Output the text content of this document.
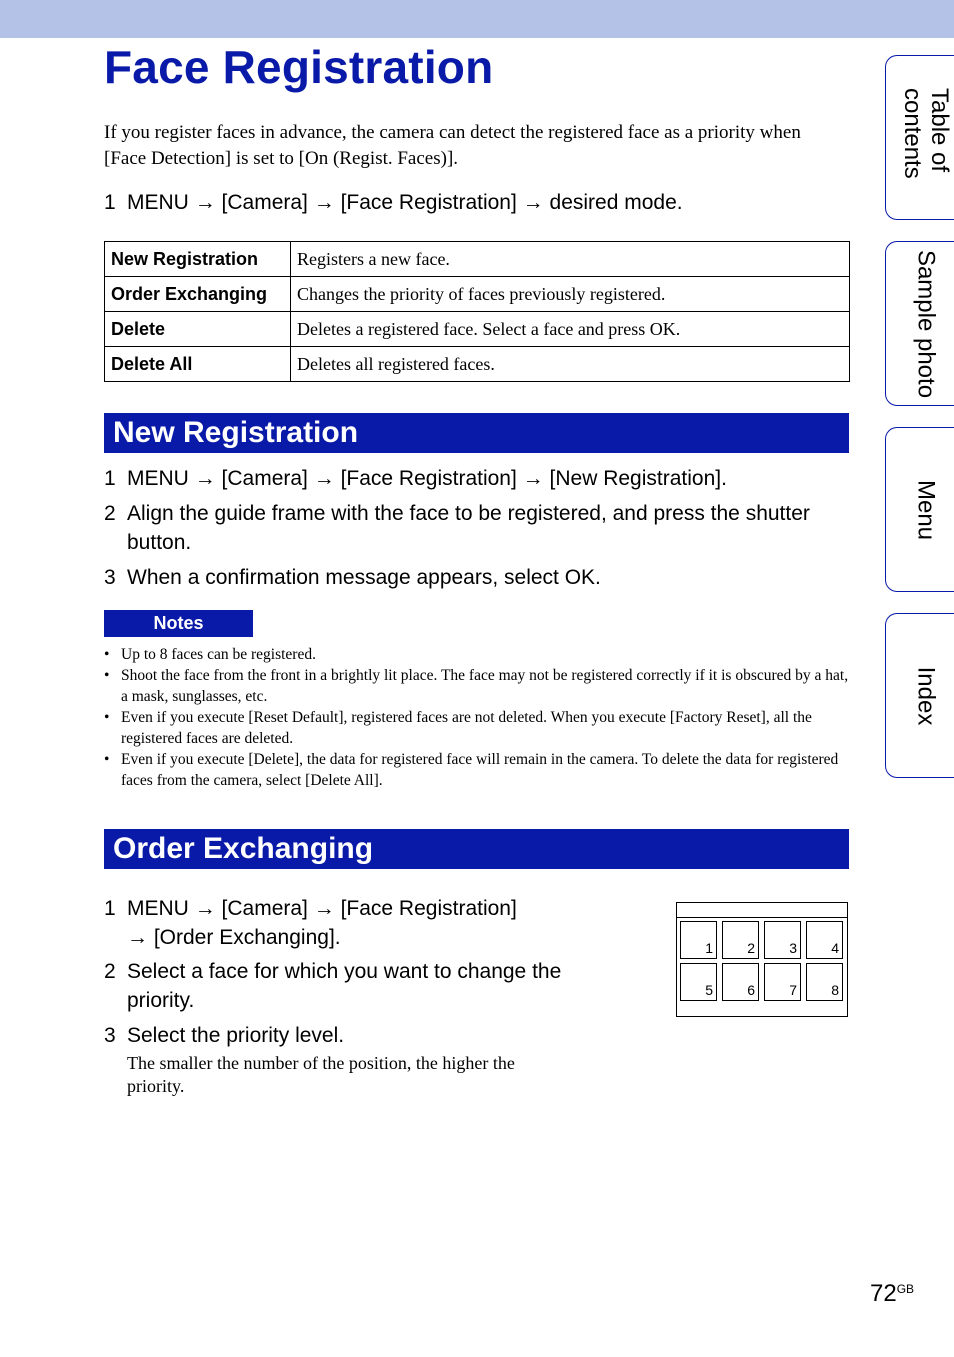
Face Registration
If you register faces in advance, the camera can detect the registered face as a priority when [Face Detection] is set to [On (Regist. Faces)].
1 MENU → [Camera] → [Face Registration] → desired mode.
New Registration	Registers a new face.
Order Exchanging	Changes the priority of faces previously registered.
Delete	Deletes a registered face. Select a face and press OK.
Delete All	Deletes all registered faces.
New Registration
1 MENU → [Camera] → [Face Registration] → [New Registration].
2 Align the guide frame with the face to be registered, and press the shutter button.
3 When a confirmation message appears, select OK.
Notes
• Up to 8 faces can be registered.
• Shoot the face from the front in a brightly lit place. The face may not be registered correctly if it is obscured by a hat, a mask, sunglasses, etc.
• Even if you execute [Reset Default], registered faces are not deleted. When you execute [Factory Reset], all the registered faces are deleted.
• Even if you execute [Delete], the data for registered face will remain in the camera. To delete the data for registered faces from the camera, select [Delete All].
Order Exchanging
1 MENU → [Camera] → [Face Registration]
→ [Order Exchanging].
2 Select a face for which you want to change the priority.
3 Select the priority level.
The smaller the number of the position, the higher the priority.
1	2	3	4
5	6	7	8
Table of contents
Sample photo
Menu
Index
$72^{GB}$
